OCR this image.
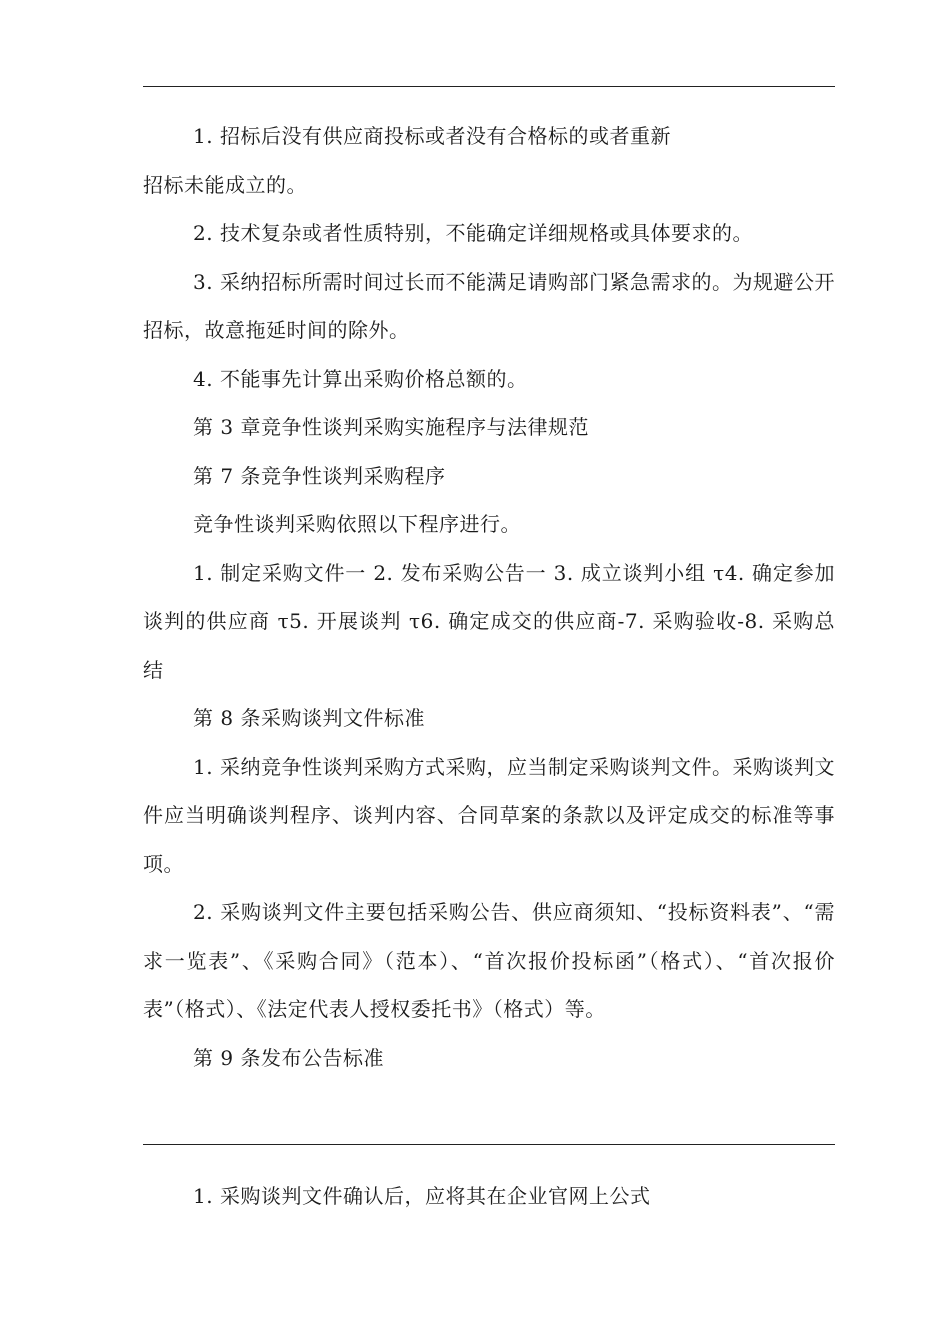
1. 招标后没有供应商投标或者没有合格标的或者重新
招标未能成立的。

2. 技术复杂或者性质特别，不能确定详细规格或具体要求的。

3. 采纳招标所需时间过长而不能满足请购部门紧急需求的。为规避公开招标，故意拖延时间的除外。

4. 不能事先计算出采购价格总额的。

第 3 章竞争性谈判采购实施程序与法律规范

第 7 条竞争性谈判采购程序

竞争性谈判采购依照以下程序进行。

1. 制定采购文件一 2. 发布采购公告一 3. 成立谈判小组 τ4. 确定参加谈判的供应商 τ5. 开展谈判 τ6. 确定成交的供应商-7. 采购验收-8. 采购总结

第 8 条采购谈判文件标准

1. 采纳竞争性谈判采购方式采购，应当制定采购谈判文件。采购谈判文件应当明确谈判程序、谈判内容、合同草案的条款以及评定成交的标准等事项。

2. 采购谈判文件主要包括采购公告、供应商须知、“投标资料表”、“需求一览表”、《采购合同》（范本）、“首次报价投标函”（格式）、“首次报价表”（格式）、《法定代表人授权委托书》（格式）等。

第 9 条发布公告标准

1. 采购谈判文件确认后，应将其在企业官网上公式
